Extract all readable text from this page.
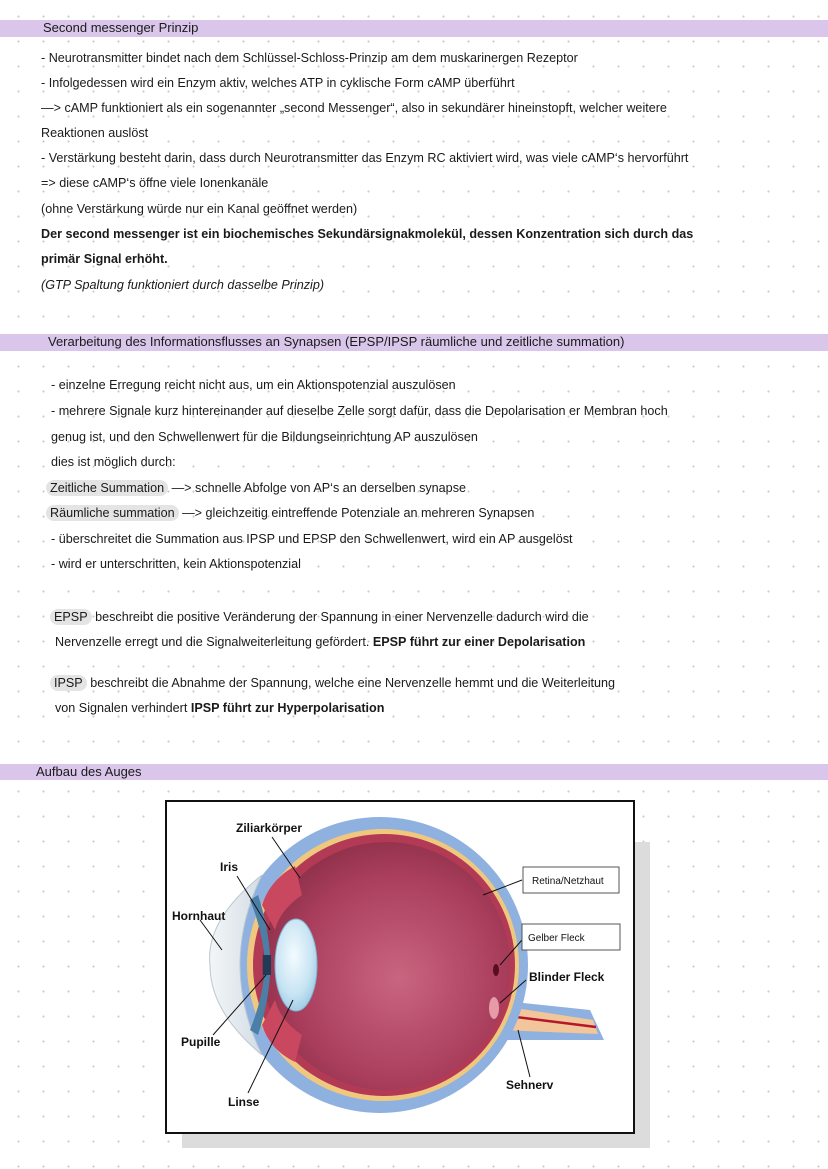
Second messenger Prinzip
- Neurotransmitter bindet nach dem Schlüssel-Schloss-Prinzip am dem muskarinergen Rezeptor
- Infolgedessen wird ein Enzym aktiv, welches ATP in cyklische Form cAMP überführt
—> cAMP funktioniert als ein sogenannter „second Messenger“, also in sekundärer hineinstopft, welcher weitere
Reaktionen auslöst
- Verstärkung besteht darin, dass durch Neurotransmitter das Enzym RC aktiviert wird, was viele cAMP‘s hervorführt
=> diese cAMP‘s öffne viele Ionenkanäle
(ohne Verstärkung würde nur ein Kanal geöffnet werden)
Der second messenger ist ein biochemisches Sekundärsignakmolekül, dessen Konzentration sich durch das
primär Signal erhöht.
(GTP Spaltung funktioniert durch dasselbe Prinzip)
Verarbeitung des Informationsflusses an Synapsen (EPSP/IPSP räumliche und zeitliche summation)
- einzelne Erregung reicht nicht aus, um ein Aktionspotenzial auszulösen
- mehrere Signale kurz hintereinander auf dieselbe Zelle sorgt dafür, dass die Depolarisation er Membran hoch
genug ist, und den Schwellenwert für die Bildungseinrichtung AP auszulösen
dies ist möglich durch:
Zeitliche Summation —> schnelle Abfolge von AP‘s an derselben synapse
Räumliche summation —> gleichzeitig eintreffende Potenziale an mehreren Synapsen
- überschreitet die Summation aus IPSP und EPSP den Schwellenwert, wird ein AP ausgelöst
- wird er unterschritten, kein Aktionspotenzial
EPSP beschreibt die positive Veränderung der Spannung in einer Nervenzelle dadurch wird die
Nervenzelle erregt und die Signalweiterleitung gefördert. EPSP führt zur einer Depolarisation
IPSP beschreibt die Abnahme der Spannung, welche eine Nervenzelle hemmt und die Weiterleitung
von Signalen verhindert IPSP führt zur Hyperpolarisation
Aufbau des Auges
Ziliarkörper
Iris
Hornhaut
Pupille
Linse
Retina/Netzhaut
Gelber Fleck
Blinder Fleck
Sehnerv
